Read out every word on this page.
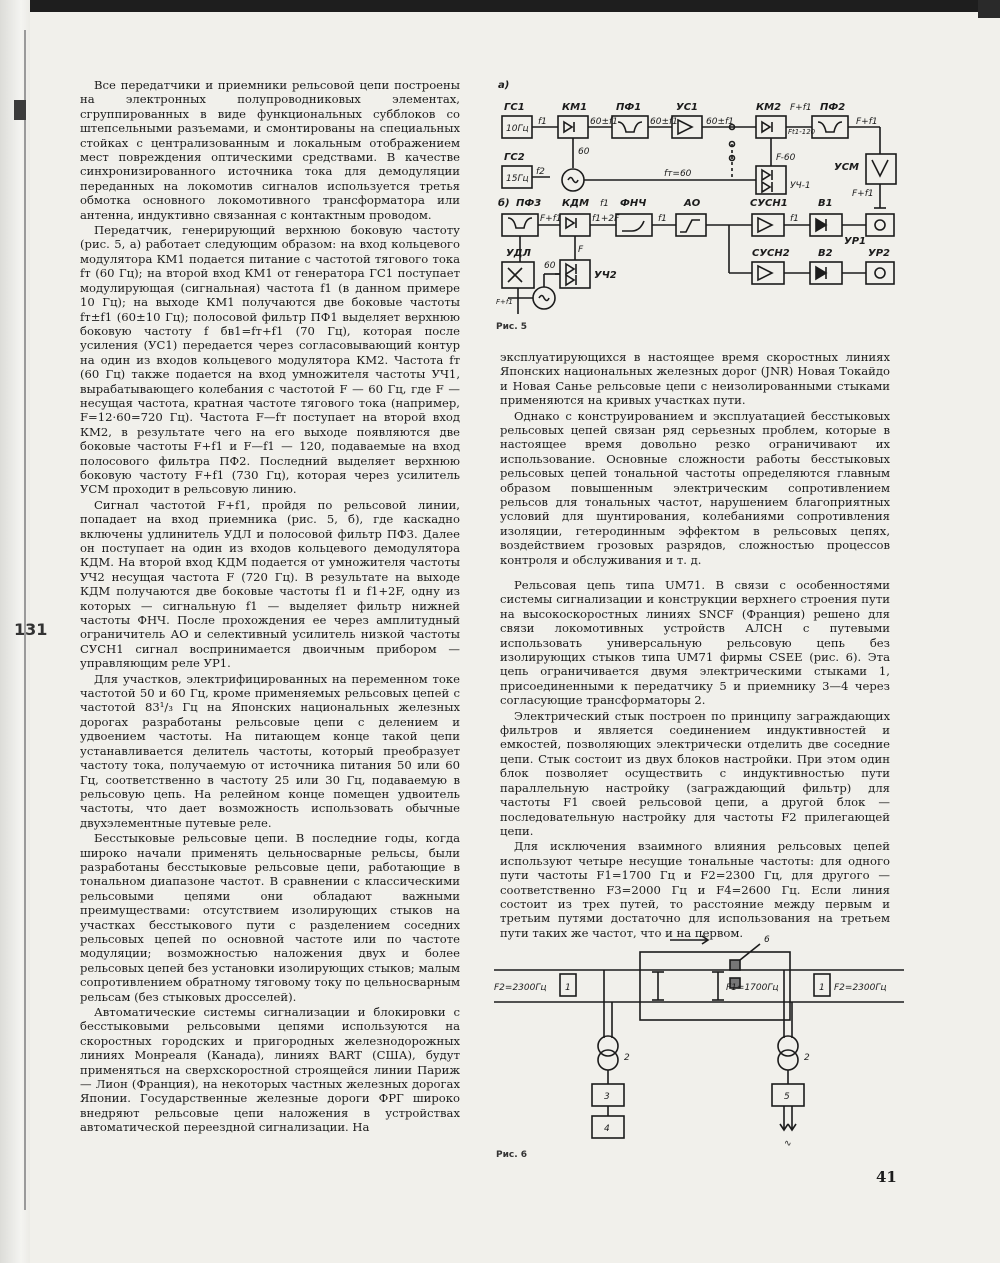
131

Все передатчики и приемники рельсовой цепи построены на электронных полупроводниковых элементах, сгруппированных в виде функциональных субблоков со штепсельными разъемами, и смонтированы на специальных стойках с централизованным и локальным отображением мест повреждения оптическими средствами. В качестве синхронизированного источника тока для демодуляции переданных на локомотив сигналов используется третья обмотка основного локомотивного трансформатора или антенна, индуктивно связанная с контактным проводом.

Передатчик, генерирующий верхнюю боковую частоту (рис. 5, а) работает следующим образом: на вход кольцевого модулятора КМ1 подается питание с частотой тягового тока fт (60 Гц); на второй вход КМ1 от генератора ГС1 поступает модулирующая (сигнальная) частота f1 (в данном примере 10 Гц); на выходе КМ1 получаются две боковые частоты fт±f1 (60±10 Гц); полосовой фильтр ПФ1 выделяет верхнюю боковую частоту f бв1=fт+f1 (70 Гц), которая после усиления (УС1) передается через согласовывающий контур на один из входов кольцевого модулятора КМ2. Частота fт (60 Гц) также подается на вход умножителя частоты УЧ1, вырабатывающего колебания с частотой F — 60 Гц, где F — несущая частота, кратная частоте тягового тока (например, F=12·60=720 Гц). Частота F—fт поступает на второй вход КМ2, в результате чего на его выходе появляются две боковые частоты F+f1 и F—f1 — 120, подаваемые на вход полосового фильтра ПФ2. Последний выделяет верхнюю боковую частоту F+f1 (730 Гц), которая через усилитель УСМ проходит в рельсовую линию.

Сигнал частотой F+f1, пройдя по рельсовой линии, попадает на вход приемника (рис. 5, б), где каскадно включены удлинитель УДЛ и полосовой фильтр ПФ3. Далее он поступает на один из входов кольцевого демодулятора КДМ. На второй вход КДМ подается от умножителя частоты УЧ2 несущая частота F (720 Гц). В результате на выходе КДМ получаются две боковые частоты f1 и f1+2F, одну из которых — сигнальную f1 — выделяет фильтр нижней частоты ФНЧ. После прохождения ее через амплитудный ограничитель АО и селективный усилитель низкой частоты СУСН1 сигнал воспринимается двоичным прибором — управляющим реле УР1.

Для участков, электрифицированных на переменном токе частотой 50 и 60 Гц, кроме применяемых рельсовых цепей с частотой 83¹/₃ Гц на Японских национальных железных дорогах разработаны рельсовые цепи с делением и удвоением частоты. На питающем конце такой цепи устанавливается делитель частоты, который преобразует частоту тока, получаемую от источника питания 50 или 60 Гц, соответственно в частоту 25 или 30 Гц, подаваемую в рельсовую цепь. На релейном конце помещен удвоитель частоты, что дает возможность использовать обычные двухэлементные путевые реле.

Бесстыковые рельсовые цепи. В последние годы, когда широко начали применять цельносварные рельсы, были разработаны бесстыковые рельсовые цепи, работающие в тональном диапазоне частот. В сравнении с классическими рельсовыми цепями они обладают важными преимуществами: отсутствием изолирующих стыков на участках бесстыкового пути с разделением соседних рельсовых цепей по основной частоте или по частоте модуляции; возможностью наложения двух и более рельсовых цепей без установки изолирующих стыков; малым сопротивлением обратному тяговому току по цельносварным рельсам (без стыковых дросселей).

Автоматические системы сигнализации и блокировки с бесстыковыми рельсовыми цепями используются на скоростных городских и пригородных железнодорожных линиях Монреаля (Канада), линиях BART (США), будут применяться на сверхскоростной строящейся линии Париж — Лион (Франция), на некоторых частных железных дорогах Японии. Государственные железные дороги ФРГ широко внедряют рельсовые цепи наложения в устройствах автоматической переездной сигнализации. На

а)
ГС1
10Гц
f1
КМ1	ПФ1	УС1	КМ2 F+f1 ПФ2
F+f1
60±f1	60±f1	60±f1
60
fт=60
Ft1-120
F-60
УЧ-1
УСМ
F+f1
ГС2
15Гц
f2
б) ПФ3
F+f1
КДМ f1
f1+2F
ФНЧ
f1
АО	СУСН1
f1
В1
УР1
УДЛ	F
60
УЧ2
СУСН2	В2	УР2
F+f1
Рис. 5

эксплуатирующихся в настоящее время скоростных линиях Японских национальных железных дорог (JNR) Новая Токайдо и Новая Санье рельсовые цепи с неизолированными стыками применяются на кривых участках пути.

Однако с конструированием и эксплуатацией бесстыковых рельсовых цепей связан ряд серьезных проблем, которые в настоящее время довольно резко ограничивают их использование. Основные сложности работы бесстыковых рельсовых цепей тональной частоты определяются главным образом повышенным электрическим сопротивлением рельсов для тональных частот, нарушением благоприятных условий для шунтирования, колебаниями сопротивления изоляции, гетеродинным эффектом в рельсовых цепях, воздействием грозовых разрядов, сложностью процессов контроля и обслуживания и т. д.

Рельсовая цепь типа UM71. В связи с особенностями системы сигнализации и конструкции верхнего строения пути на высокоскоростных линиях SNCF (Франция) решено для связи локомотивных устройств АЛСН с путевыми использовать универсальную рельсовую цепь без изолирующих стыков типа UM71 фирмы CSEE (рис. 6). Эта цепь ограничивается двумя электрическими стыками 1, присоединенными к передатчику 5 и приемнику 3—4 через согласующие трансформаторы 2.

Электрический стык построен по принципу заграждающих фильтров и является соединением индуктивностей и емкостей, позволяющих электрически отделить две соседние цепи. Стык состоит из двух блоков настройки. При этом один блок позволяет осуществить с индуктивностью пути параллельную настройку (заграждающий фильтр) для частоты F1 своей рельсовой цепи, а другой блок — последовательную настройку для частоты F2 прилегающей цепи.

Для исключения взаимного влияния рельсовых цепей используют четыре несущие тональные частоты: для одного пути частоты F1=1700 Гц и F2=2300 Гц, для другого — соответственно F3=2000 Гц и F4=2600 Гц. Если линия состоит из трех путей, то расстояние между первым и третьим путями достаточно для использования на третьем пути таких же частот, что и на первом.

F2=2300Гц	F1=1700Гц	F2=2300Гц
1	1
2	2
3
4
5
6
∿
Рис. 6
41
